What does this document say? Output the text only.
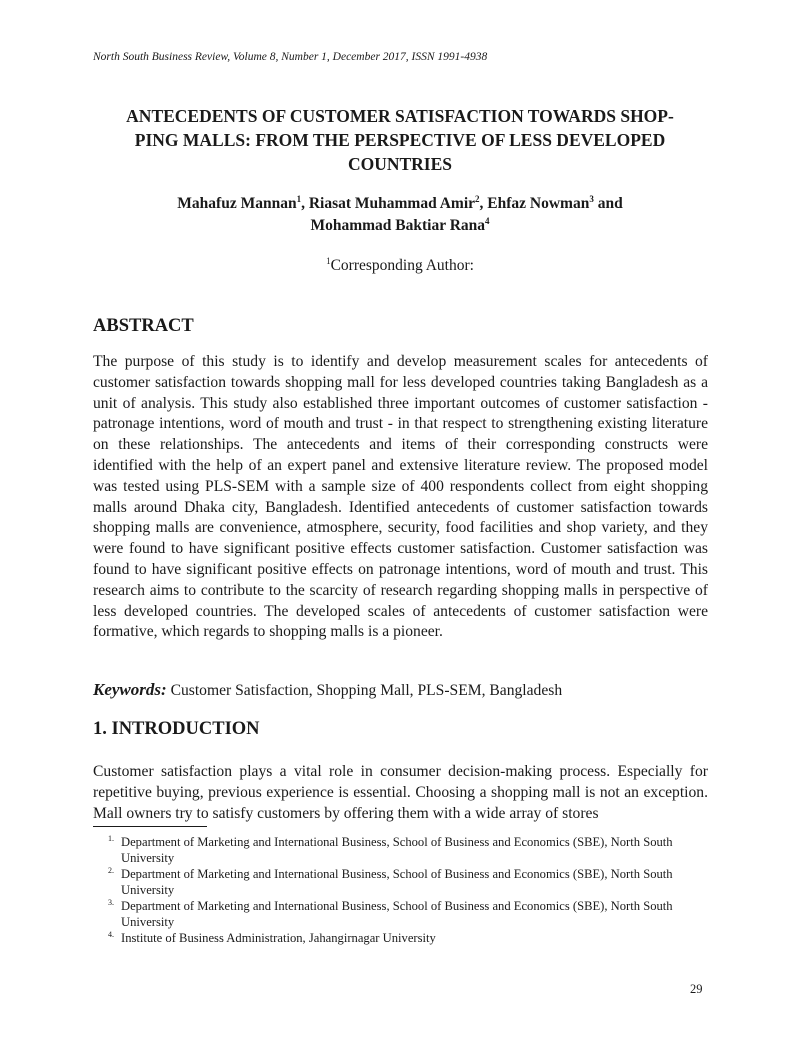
North South Business Review, Volume 8, Number 1, December 2017, ISSN 1991-4938
ANTECEDENTS OF CUSTOMER SATISFACTION TOWARDS SHOP-
PING MALLS: FROM THE PERSPECTIVE OF LESS DEVELOPED
COUNTRIES
Mahafuz Mannan$^1$, Riasat Muhammad Amir$^2$, Ehfaz Nowman$^3$ and
Mohammad Baktiar Rana$^4$
$^1$Corresponding Author:
ABSTRACT

The purpose of this study is to identify and develop measurement scales for antecedents of customer satisfaction towards shopping mall for less developed countries taking Bangladesh as a unit of analysis. This study also established three important outcomes of customer satisfaction - patronage intentions, word of mouth and trust - in that respect to strengthening existing literature on these relationships. The antecedents and items of their corresponding constructs were identified with the help of an expert panel and extensive literature review. The proposed model was tested using PLS-SEM with a sample size of 400 respondents collect from eight shopping malls around Dhaka city, Bangladesh. Identified antecedents of customer satisfaction towards shopping malls are convenience, atmosphere, security, food facilities and shop variety, and they were found to have significant positive effects customer satisfaction. Customer satisfaction was found to have significant positive effects on patronage intentions, word of mouth and trust. This research aims to contribute to the scarcity of research regarding shopping malls in perspective of less developed countries. The developed scales of antecedents of customer satisfaction were formative, which regards to shopping malls is a pioneer.

Keywords: Customer Satisfaction, Shopping Mall, PLS-SEM, Bangladesh
1. INTRODUCTION

Customer satisfaction plays a vital role in consumer decision-making process. Especially for repetitive buying, previous experience is essential. Choosing a shopping mall is not an exception. Mall owners try to satisfy customers by offering them with a wide array of stores

1. Department of Marketing and International Business, School of Business and Economics (SBE), North South University
2. Department of Marketing and International Business, School of Business and Economics (SBE), North South University
3. Department of Marketing and International Business, School of Business and Economics (SBE), North South University
4. Institute of Business Administration, Jahangirnagar University
29
